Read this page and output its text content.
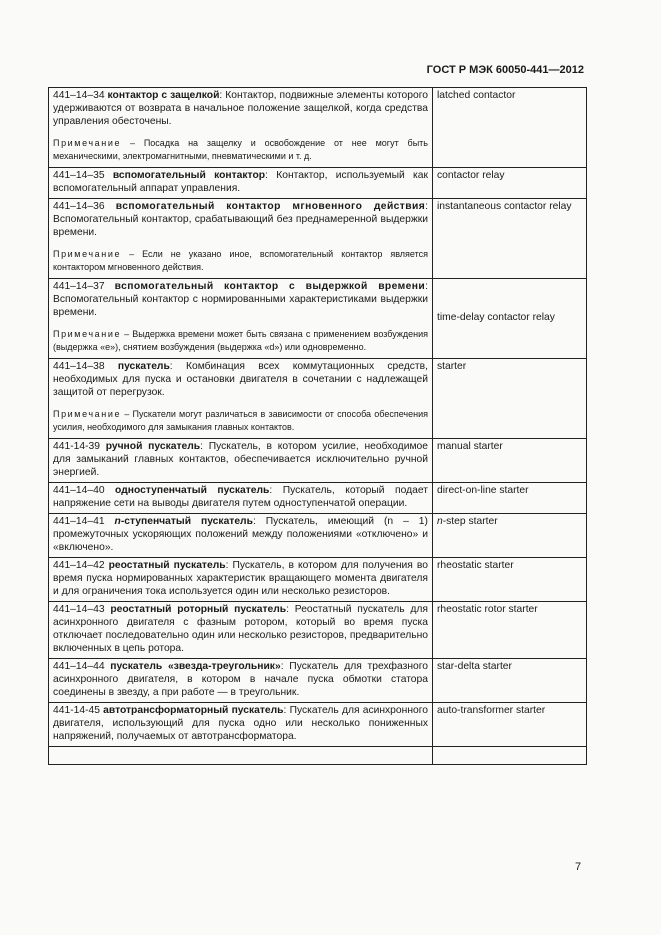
ГОСТ Р МЭК 60050-441—2012

441–14–34 контактор с защелкой: Контактор, подвижные элементы которого удерживаются от возврата в начальное положение защелкой, когда средства управления обесточены.

Примечание – Посадка на защелку и освобождение от нее могут быть механическими, электромагнитными, пневматическими и т. д.	latched contactor

441–14–35 вспомогательный контактор: Контактор, используемый как вспомогательный аппарат управления.	contactor relay

441–14–36 вспомогательный контактор мгновенного действия: Вспомогательный контактор, срабатывающий без преднамеренной выдержки времени.

Примечание – Если не указано иное, вспомогательный контактор является контактором мгновенного действия.	instantaneous contactor relay

441–14–37 вспомогательный контактор с выдержкой времени: Вспомогательный контактор с нормированными характеристиками выдержки времени.

Примечание – Выдержка времени может быть связана с применением возбуждения (выдержка «е»), снятием возбуждения (выдержка «d») или одновременно.	time-delay contactor relay

441–14–38 пускатель: Комбинация всех коммутационных средств, необходимых для пуска и остановки двигателя в сочетании с надлежащей защитой от перегрузок.

Примечание – Пускатели могут различаться в зависимости от способа обеспечения усилия, необходимого для замыкания главных контактов.	starter

441-14-39 ручной пускатель: Пускатель, в котором усилие, необходимое для замыканий главных контактов, обеспечивается исключительно ручной энергией.	manual starter

441–14–40 одноступенчатый пускатель: Пускатель, который подает напряжение сети на выводы двигателя путем одноступенчатой операции.	direct-on-line starter

441–14–41 n-ступенчатый пускатель: Пускатель, имеющий (n – 1) промежуточных ускоряющих положений между положениями «отключено» и «включено».	n-step starter

441–14–42 реостатный пускатель: Пускатель, в котором для получения во время пуска нормированных характеристик вращающего момента двигателя и для ограничения тока используется один или несколько резисторов.	rheostatic starter

441–14–43 реостатный роторный пускатель: Реостатный пускатель для асинхронного двигателя с фазным ротором, который во время пуска отключает последовательно один или несколько резисторов, предварительно включенных в цепь ротора.	rheostatic rotor starter

441–14–44 пускатель «звезда-треугольник»: Пускатель для трехфазного асинхронного двигателя, в котором в начале пуска обмотки статора соединены в звезду, а при работе — в треугольник.	star-delta starter

441-14-45 автотрансформаторный пускатель: Пускатель для асинхронного двигателя, использующий для пуска одно или несколько пониженных напряжений, получаемых от автотрансформатора.	auto-transformer starter

7
